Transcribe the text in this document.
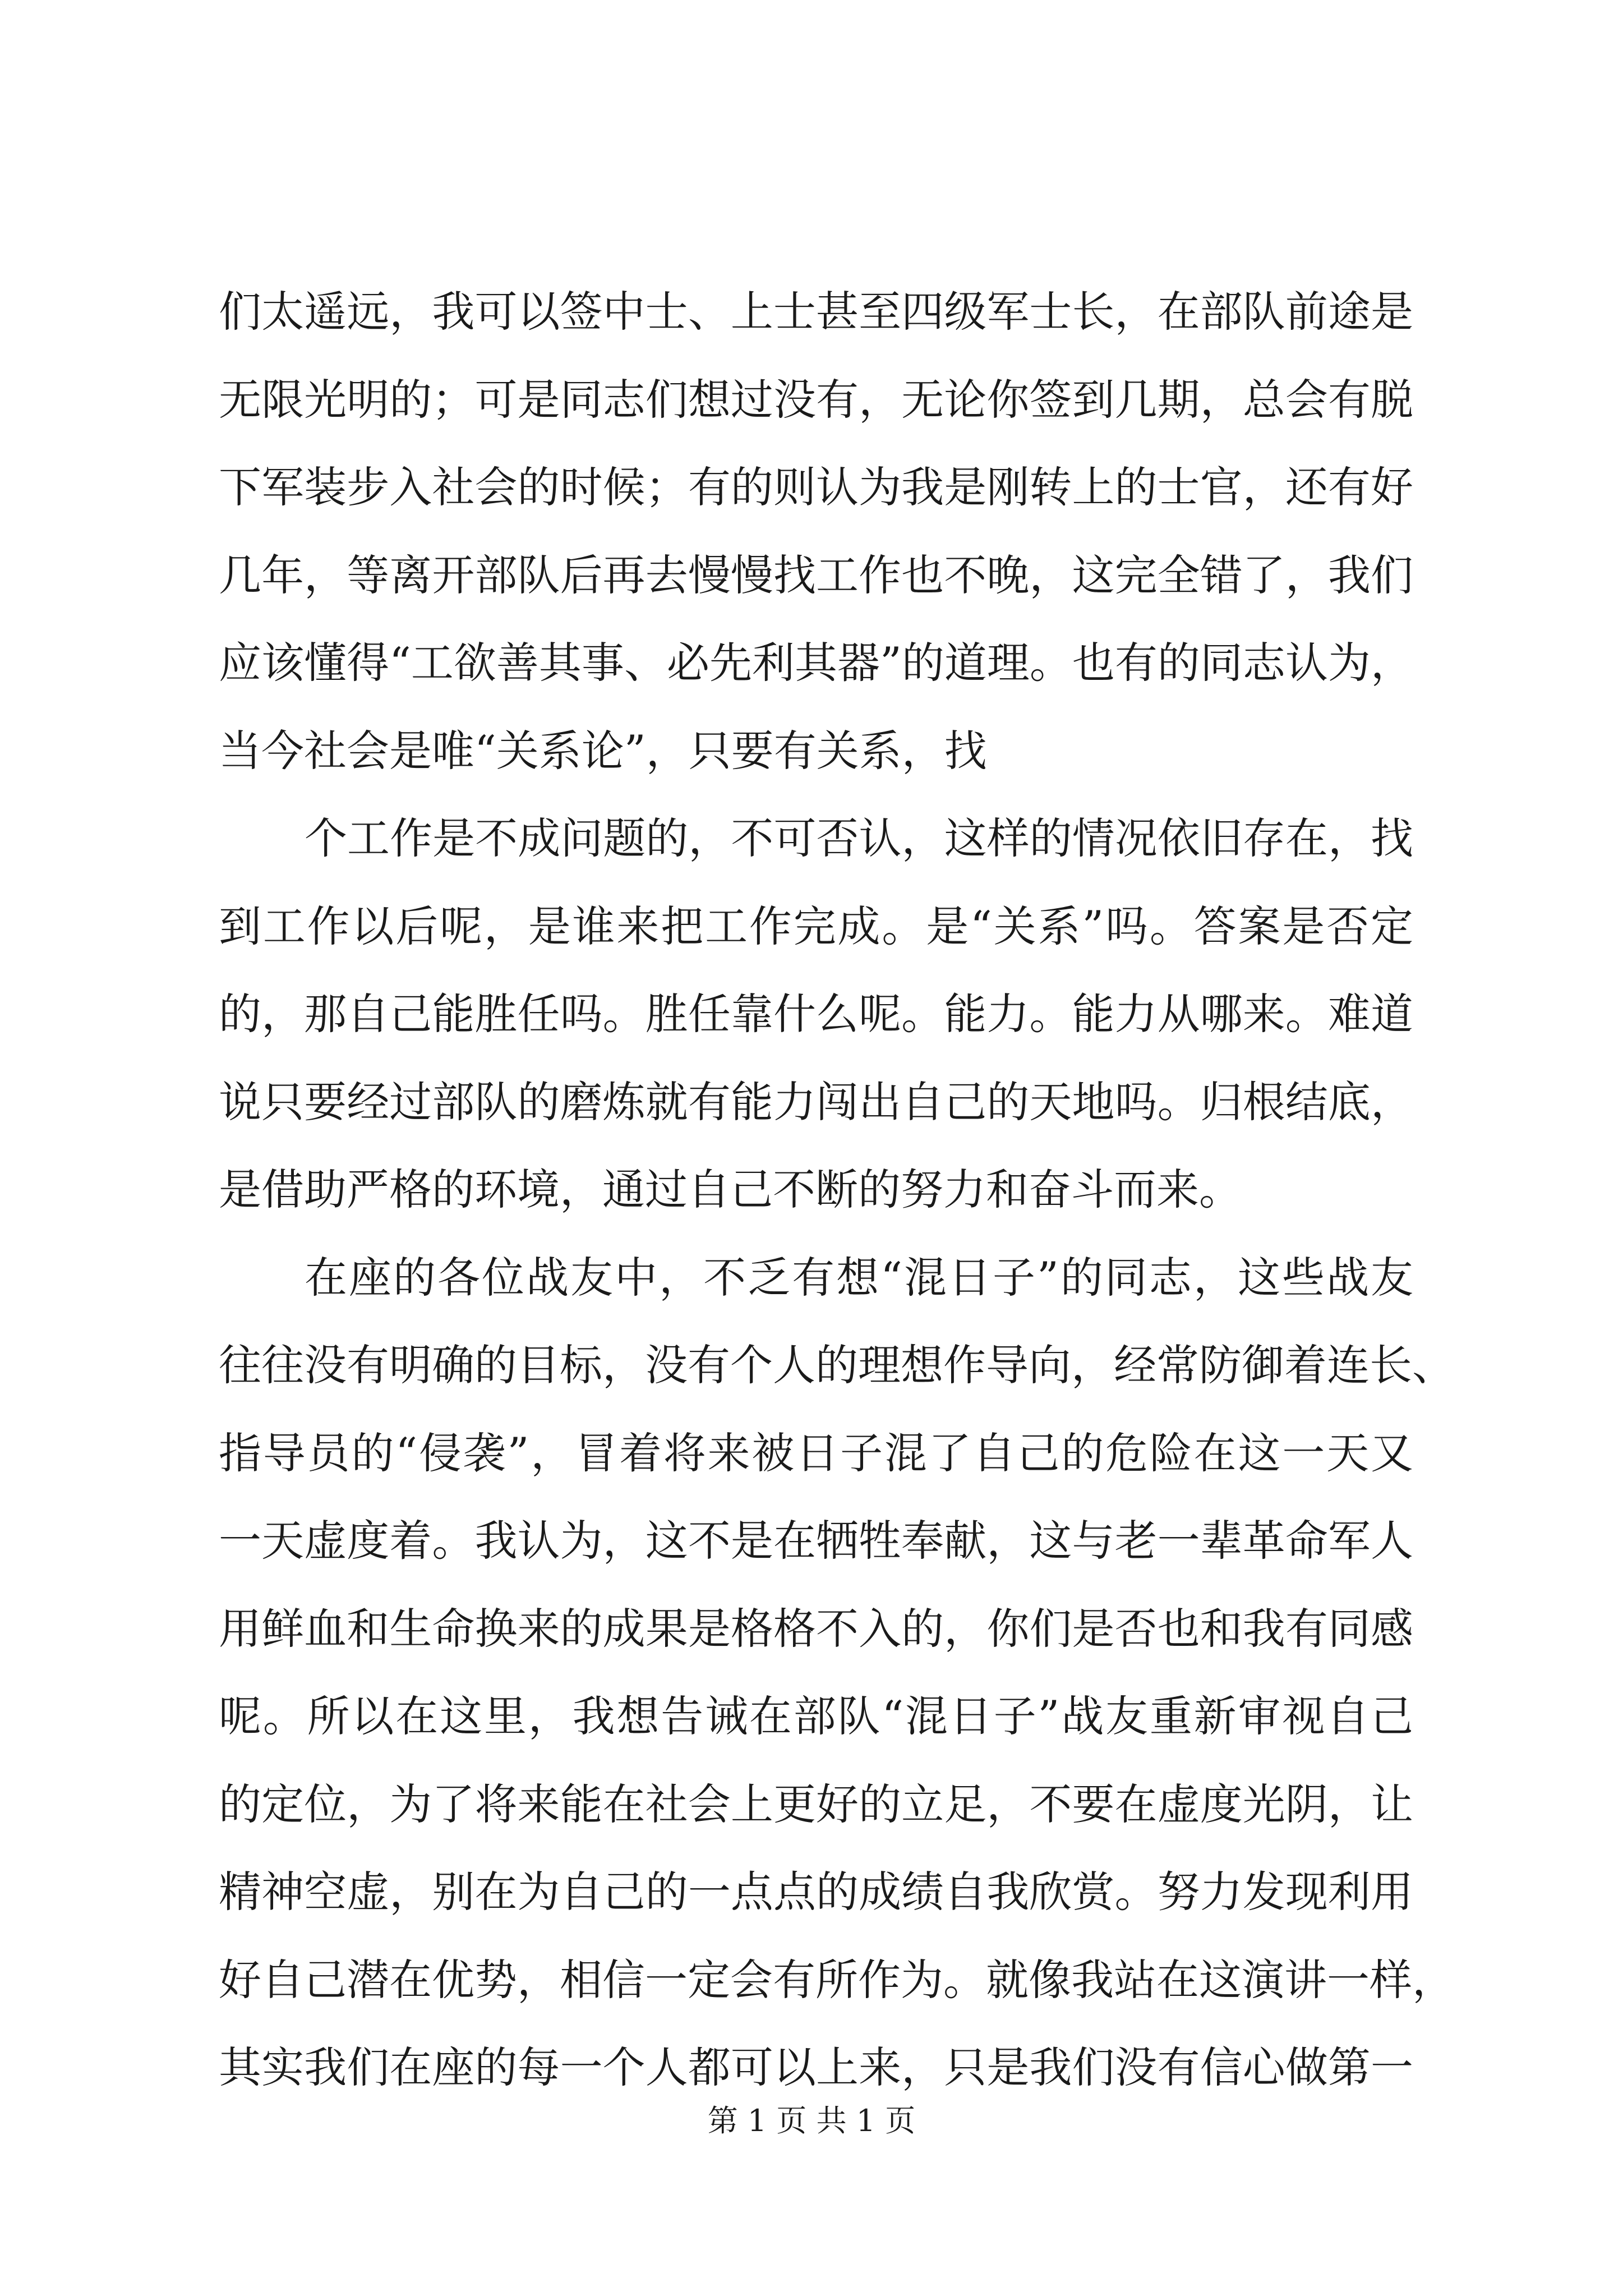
们太遥远，我可以签中士、上士甚至四级军士长，在部队前途是
无限光明的；可是同志们想过没有，无论你签到几期，总会有脱
下军装步入社会的时候；有的则认为我是刚转上的士官，还有好
几年，等离开部队后再去慢慢找工作也不晚，这完全错了，我们
应该懂得“工欲善其事、必先利其器”的道理。也有的同志认为，
当今社会是唯“关系论”，只要有关系，找
个工作是不成问题的，不可否认，这样的情况依旧存在，找
到工作以后呢，是谁来把工作完成。是“关系”吗。答案是否定
的，那自己能胜任吗。胜任靠什么呢。能力。能力从哪来。难道
说只要经过部队的磨炼就有能力闯出自己的天地吗。归根结底，
是借助严格的环境，通过自己不断的努力和奋斗而来。
在座的各位战友中，不乏有想“混日子”的同志，这些战友
往往没有明确的目标，没有个人的理想作导向，经常防御着连长、
指导员的“侵袭”，冒着将来被日子混了自己的危险在这一天又
一天虚度着。我认为，这不是在牺牲奉献，这与老一辈革命军人
用鲜血和生命换来的成果是格格不入的，你们是否也和我有同感
呢。所以在这里，我想告诫在部队“混日子”战友重新审视自己
的定位，为了将来能在社会上更好的立足，不要在虚度光阴，让
精神空虚，别在为自己的一点点的成绩自我欣赏。努力发现利用
好自己潜在优势，相信一定会有所作为。就像我站在这演讲一样，
第 1 页 共 1 页
其实我们在座的每一个人都可以上来，只是我们没有信心做第一
